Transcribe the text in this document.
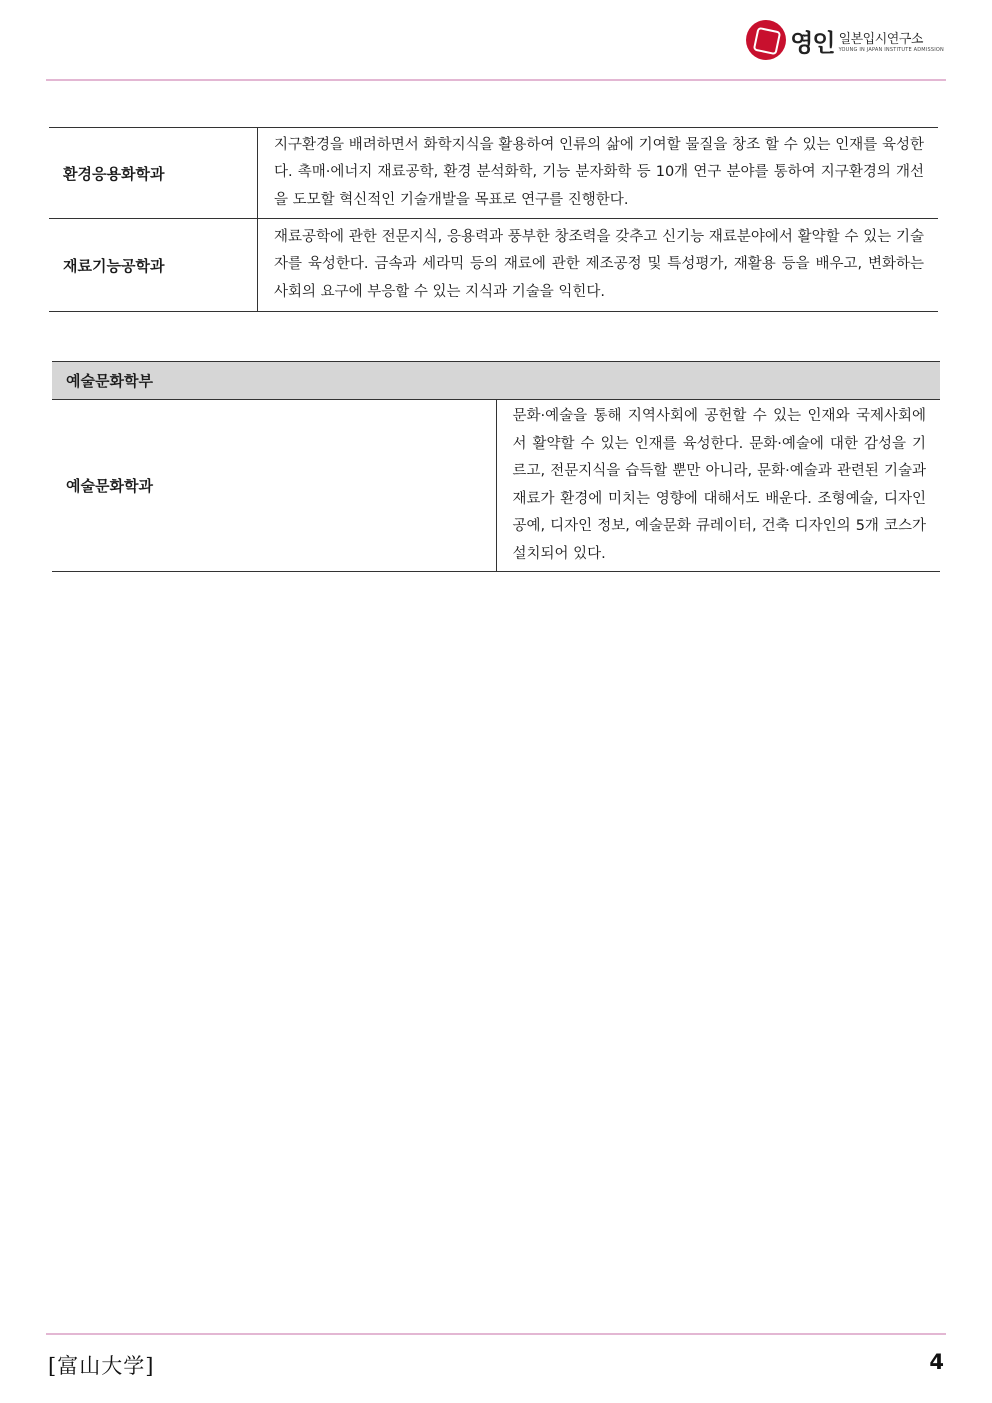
영인 일본입시연구소
YOUNG IN JAPAN INSTITUTE ADMISSION
환경응용화학과	지구환경을 배려하면서 화학지식을 활용하여 인류의 삶에 기여할 물질을 창조 할 수 있는 인재를 육성한다. 촉매·에너지 재료공학, 환경 분석화학, 기능 분자화학 등 10개 연구 분야를 통하여 지구환경의 개선을 도모할 혁신적인 기술개발을 목표로 연구를 진행한다.
재료기능공학과	재료공학에 관한 전문지식, 응용력과 풍부한 창조력을 갖추고 신기능 재료분야에서 활약할 수 있는 기술자를 육성한다. 금속과 세라믹 등의 재료에 관한 제조공정 및 특성평가, 재활용 등을 배우고, 변화하는 사회의 요구에 부응할 수 있는 지식과 기술을 익힌다.
예술문화학부
예술문화학과	문화·예술을 통해 지역사회에 공헌할 수 있는 인재와 국제사회에서 활약할 수 있는 인재를 육성한다. 문화·예술에 대한 감성을 기르고, 전문지식을 습득할 뿐만 아니라, 문화·예술과 관련된 기술과 재료가 환경에 미치는 영향에 대해서도 배운다. 조형예술, 디자인 공예, 디자인 정보, 예술문화 큐레이터, 건축 디자인의 5개 코스가 설치되어 있다.
[富山大学]	4
